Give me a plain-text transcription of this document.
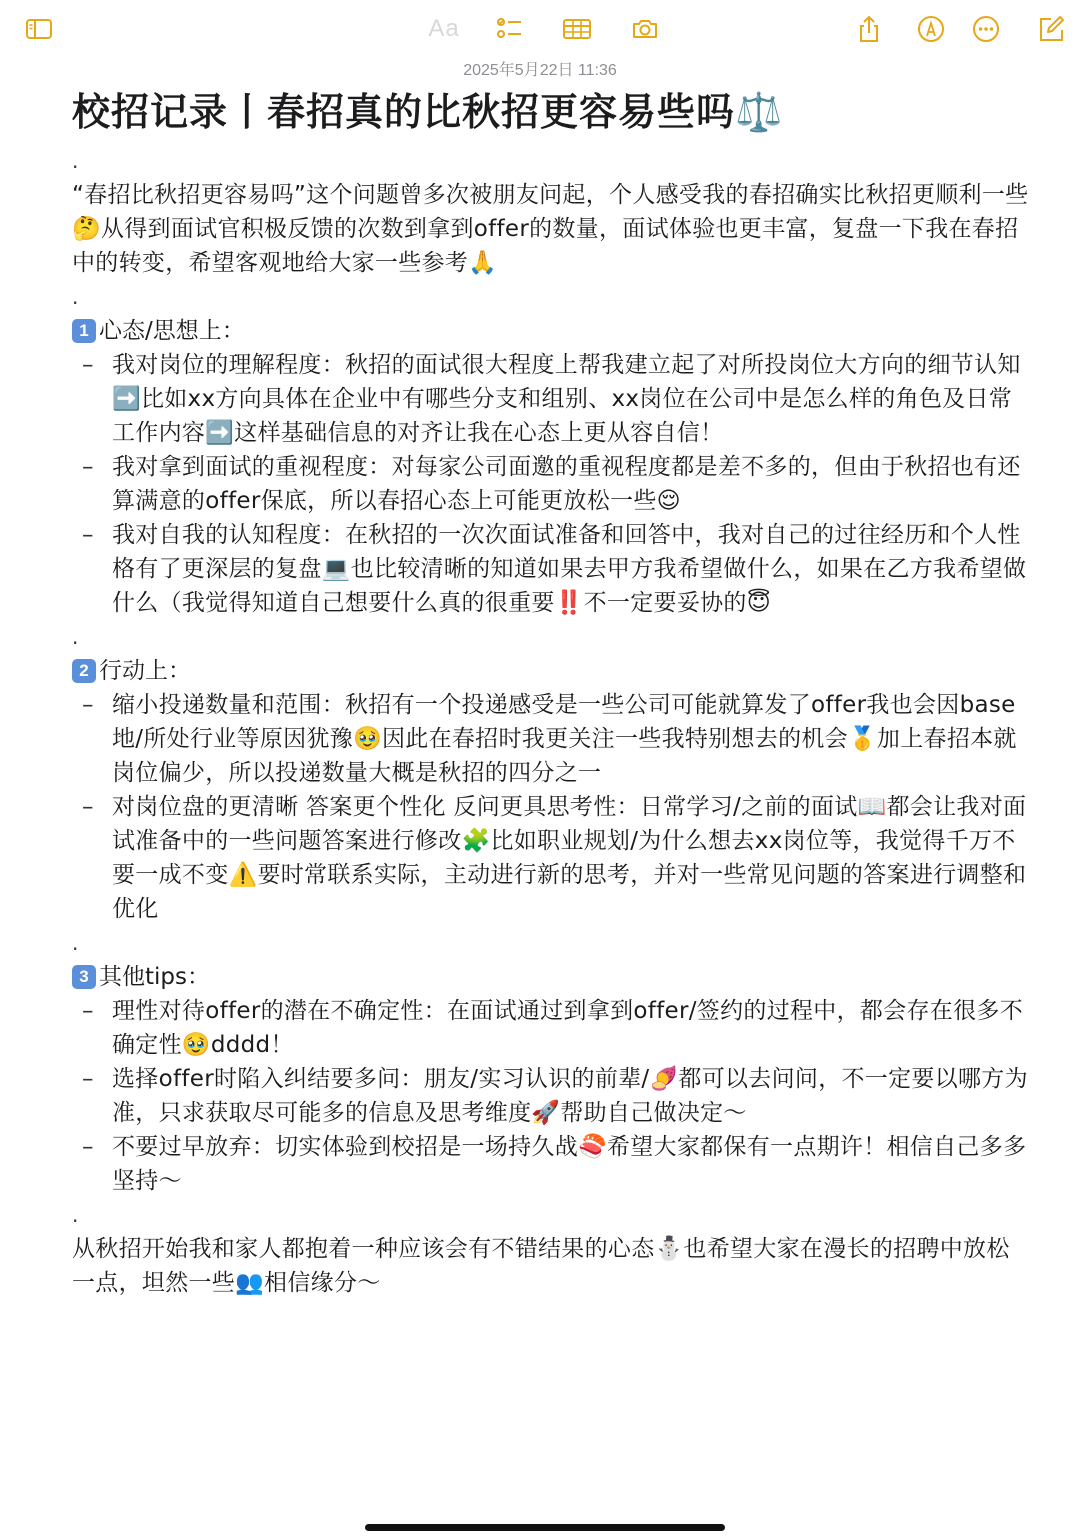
Aa
2025年5月22日 11:36
校招记录丨春招真的比秋招更容易些吗⚖️
.

“春招比秋招更容易吗”这个问题曾多次被朋友问起，个人感受我的春招确实比秋招更顺利一些🤔从得到面试官积极反馈的次数到拿到offer的数量，面试体验也更丰富，复盘一下我在春招中的转变，希望客观地给大家一些参考🙏

.
1 心态/思想上：
– 我对岗位的理解程度：秋招的面试很大程度上帮我建立起了对所投岗位大方向的细节认知➡️比如xx方向具体在企业中有哪些分支和组别、xx岗位在公司中是怎么样的角色及日常工作内容➡️这样基础信息的对齐让我在心态上更从容自信！
– 我对拿到面试的重视程度：对每家公司面邀的重视程度都是差不多的，但由于秋招也有还算满意的offer保底，所以春招心态上可能更放松一些😌
– 我对自我的认知程度：在秋招的一次次面试准备和回答中，我对自己的过往经历和个人性格有了更深层的复盘💻也比较清晰的知道如果去甲方我希望做什么，如果在乙方我希望做什么（我觉得知道自己想要什么真的很重要‼️不一定要妥协的😇
.
2 行动上：
– 缩小投递数量和范围：秋招有一个投递感受是一些公司可能就算发了offer我也会因base地/所处行业等原因犹豫🥹因此在春招时我更关注一些我特别想去的机会🥇加上春招本就岗位偏少，所以投递数量大概是秋招的四分之一
– 对岗位盘的更清晰 答案更个性化 反问更具思考性：日常学习/之前的面试📖都会让我对面试准备中的一些问题答案进行修改🧩比如职业规划/为什么想去xx岗位等，我觉得千万不要一成不变⚠️要时常联系实际，主动进行新的思考，并对一些常见问题的答案进行调整和优化
.
3 其他tips：
– 理性对待offer的潜在不确定性：在面试通过到拿到offer/签约的过程中，都会存在很多不确定性🥹dddd！
– 选择offer时陷入纠结要多问：朋友/实习认识的前辈/🍠都可以去问问，不一定要以哪方为准，只求获取尽可能多的信息及思考维度🚀帮助自己做决定～
– 不要过早放弃：切实体验到校招是一场持久战🍣希望大家都保有一点期许！相信自己多多坚持～
.

从秋招开始我和家人都抱着一种应该会有不错结果的心态⛄️也希望大家在漫长的招聘中放松一点，坦然一些👥相信缘分～
